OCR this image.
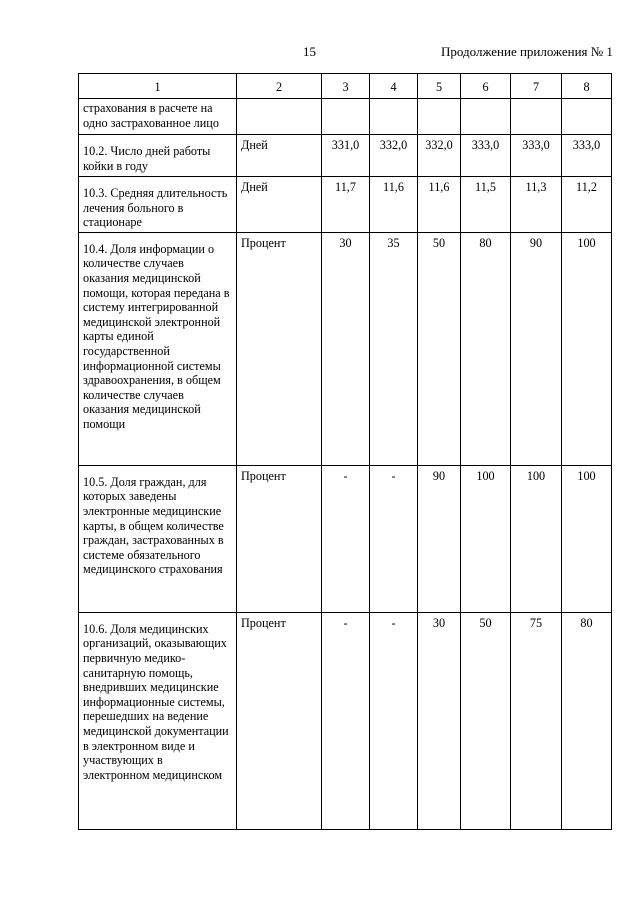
15	Продолжение приложения № 1
1	2	3	4	5	6	7	8
страхования в расчете на одно застрахованное лицо							
10.2. Число дней работы койки в году	Дней	331,0	332,0	332,0	333,0	333,0	333,0
10.3. Средняя длительность лечения больного в стационаре	Дней	11,7	11,6	11,6	11,5	11,3	11,2
10.4. Доля информации о количестве случаев оказания медицинской помощи, которая передана в систему интегрированной медицинской электронной карты единой государственной информационной системы здравоохранения, в общем количестве случаев оказания медицинской помощи	Процент	30	35	50	80	90	100
10.5. Доля граждан, для которых заведены электронные медицинские карты, в общем количестве граждан, застрахованных в системе обязательного медицинского страхования	Процент	-	-	90	100	100	100
10.6. Доля медицинских организаций, оказывающих первичную медико-санитарную помощь, внедривших медицинские информационные системы, перешедших на ведение медицинской документации в электронном виде и участвующих в электронном медицинском	Процент	-	-	30	50	75	80
